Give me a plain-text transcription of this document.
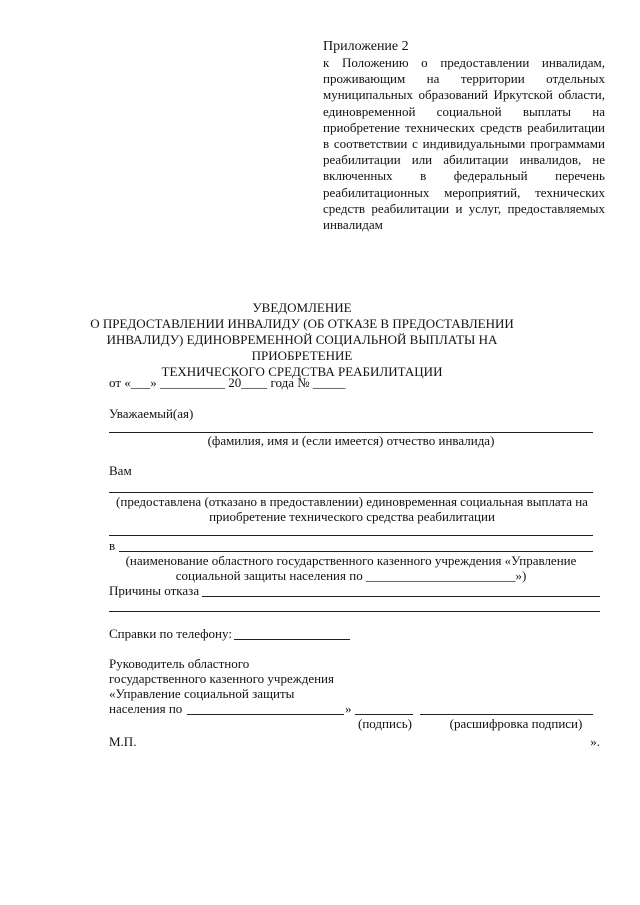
Приложение 2
к Положению о предоставлении инвалидам, проживающим на территории отдельных муниципальных образований Иркутской области, единовременной социальной выплаты на приобретение технических средств реабилитации в соответствии с индивидуальными программами реабилитации или абилитации инвалидов, не включенных в федеральный перечень реабилитационных мероприятий, технических средств реабилитации и услуг, предоставляемых инвалидам
УВЕДОМЛЕНИЕ
О ПРЕДОСТАВЛЕНИИ ИНВАЛИДУ (ОБ ОТКАЗЕ В ПРЕДОСТАВЛЕНИИ
ИНВАЛИДУ) ЕДИНОВРЕМЕННОЙ СОЦИАЛЬНОЙ ВЫПЛАТЫ НА ПРИОБРЕТЕНИЕ
ТЕХНИЧЕСКОГО СРЕДСТВА РЕАБИЛИТАЦИИ
от «___» __________ 20____ года № _____
Уважаемый(ая)
(фамилия, имя и (если имеется) отчество инвалида)
Вам
(предоставлена (отказано в предоставлении) единовременная социальная выплата на
приобретение технического средства реабилитации
в
(наименование областного государственного казенного учреждения «Управление
социальной защиты населения по _______________________»)
Причины отказа
Справки по телефону:
Руководитель областного
государственного казенного учреждения
«Управление социальной защиты
населения по	»
(подпись)	(расшифровка подписи)
М.П.	».
